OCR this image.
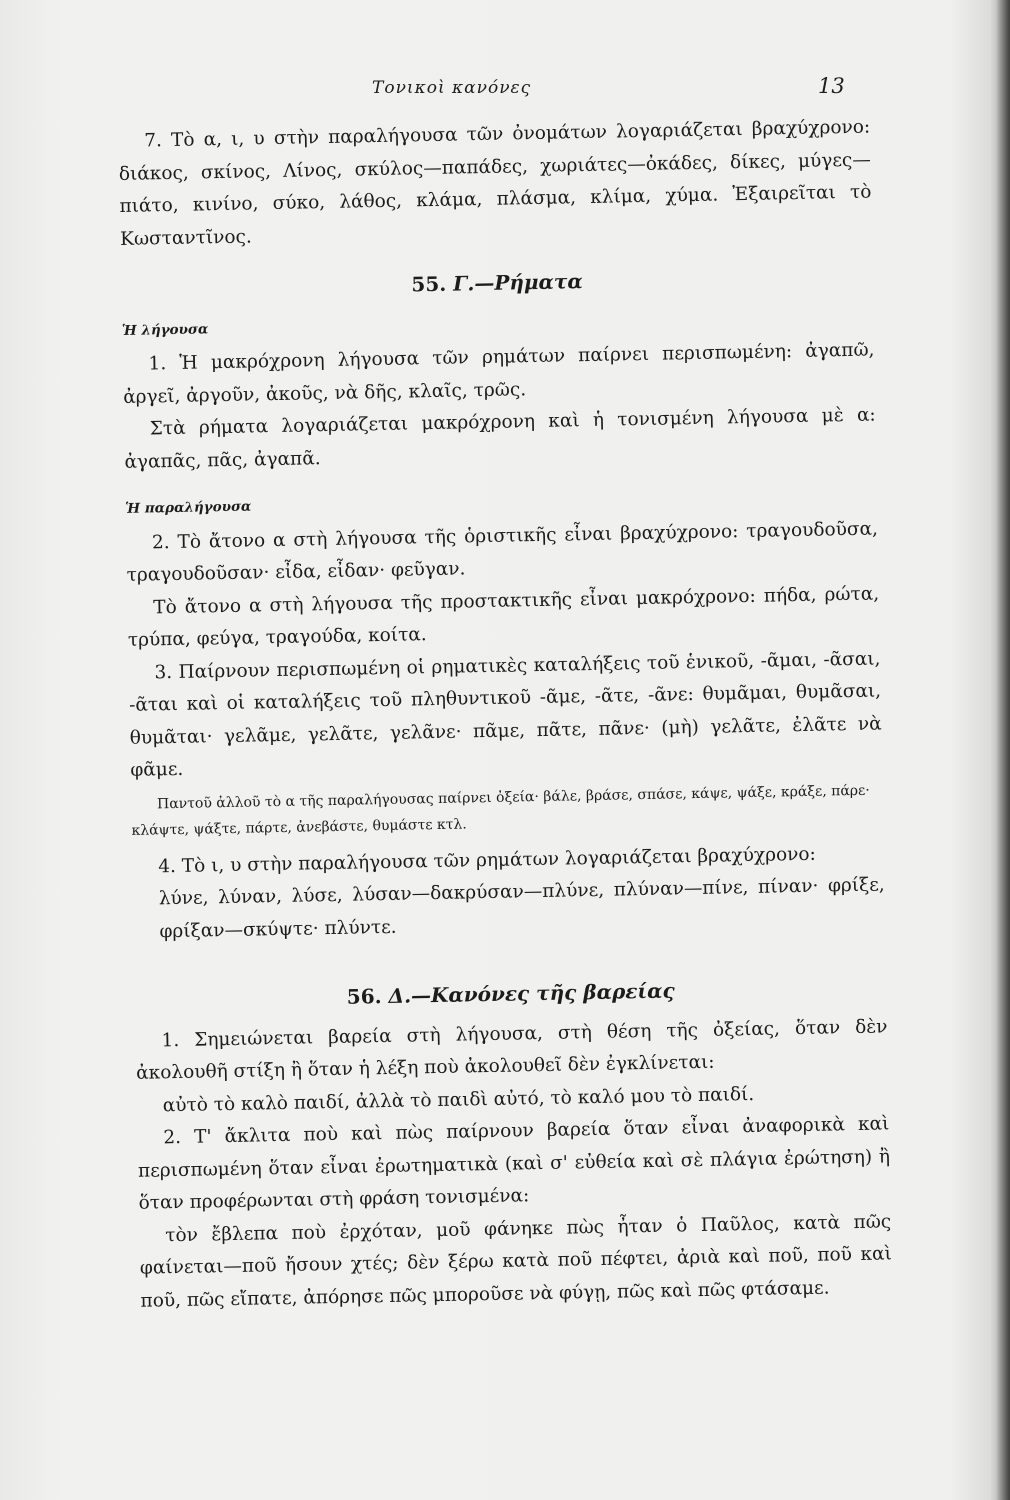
Τονικοὶ κανόνες	13

7. Τὸ α, ι, υ στὴν παραλήγουσα τῶν ὀνομάτων λογαριάζεται βραχύχρονο: διάκος, σκίνος, Λίνος, σκύλος—παπάδες, χωριάτες—ὀκάδες, δίκες, μύγες—πιάτο, κινίνο, σύκο, λάθος, κλάμα, πλάσμα, κλίμα, χύμα. Ἐξαιρεῖται τὸ Κωσταντῖνος.

55. Γ.—Ρήματα

Ἡ λήγουσα

1. Ἡ μακρόχρονη λήγουσα τῶν ρημάτων παίρνει περισπωμένη: ἀγαπῶ, ἀργεῖ, ἀργοῦν, ἀκοῦς, νὰ δῆς, κλαῖς, τρῶς.

Στὰ ρήματα λογαριάζεται μακρόχρονη καὶ ἡ τονισμένη λήγουσα μὲ α: ἀγαπᾶς, πᾶς, ἀγαπᾶ.

Ἡ παραλήγουσα

2. Τὸ ἄτονο α στὴ λήγουσα τῆς ὁριστικῆς εἶναι βραχύχρονο: τραγουδοῦσα, τραγουδοῦσαν· εἶδα, εἶδαν· φεῦγαν.

Τὸ ἄτονο α στὴ λήγουσα τῆς προστακτικῆς εἶναι μακρόχρονο: πήδα, ρώτα, τρύπα, φεύγα, τραγούδα, κοίτα.

3. Παίρνουν περισπωμένη οἱ ρηματικὲς καταλήξεις τοῦ ἑνικοῦ, -ᾶμαι, -ᾶσαι, -ᾶται καὶ οἱ καταλήξεις τοῦ πληθυντικοῦ -ᾶμε, -ᾶτε, -ᾶνε: θυμᾶμαι, θυμᾶσαι, θυμᾶται· γελᾶμε, γελᾶτε, γελᾶνε· πᾶμε, πᾶτε, πᾶνε· (μὴ) γελᾶτε, ἐλᾶτε νὰ φᾶμε.

Παντοῦ ἀλλοῦ τὸ α τῆς παραλήγουσας παίρνει ὀξεία· βάλε, βράσε, σπάσε, κάψε, ψάξε, κράξε, πάρε· κλάψτε, ψάξτε, πάρτε, ἀνεβάστε, θυμάστε κτλ.

4. Τὸ ι, υ στὴν παραλήγουσα τῶν ρημάτων λογαριάζεται βραχύχρονο:

λύνε, λύναν, λύσε, λύσαν—δακρύσαν—πλύνε, πλύναν—πίνε, πίναν· φρίξε, φρίξαν—σκύψτε· πλύντε.

56. Δ.—Κανόνες τῆς βαρείας

1. Σημειώνεται βαρεία στὴ λήγουσα, στὴ θέση τῆς ὀξείας, ὅταν δὲν ἀκολουθῆ στίξη ἢ ὅταν ἡ λέξη ποὺ ἀκολουθεῖ δὲν ἐγκλίνεται:

αὐτὸ τὸ καλὸ παιδί, ἀλλὰ τὸ παιδὶ αὐτό, τὸ καλό μου τὸ παιδί.

2. Τ' ἄκλιτα ποὺ καὶ πὼς παίρνουν βαρεία ὅταν εἶναι ἀναφορικὰ καὶ περισπωμένη ὅταν εἶναι ἐρωτηματικὰ (καὶ σ' εὐθεία καὶ σὲ πλάγια ἐρώτηση) ἢ ὅταν προφέρωνται στὴ φράση τονισμένα:

τὸν ἔβλεπα ποὺ ἐρχόταν, μοῦ φάνηκε πὼς ἦταν ὁ Παῦλος, κατὰ πῶς φαίνεται—ποῦ ἤσουν χτές; δὲν ξέρω κατὰ ποῦ πέφτει, ἀριὰ καὶ ποῦ, ποῦ καὶ ποῦ, πῶς εἴπατε, ἀπόρησε πῶς μποροῦσε νὰ φύγῃ, πῶς καὶ πῶς φτάσαμε.
